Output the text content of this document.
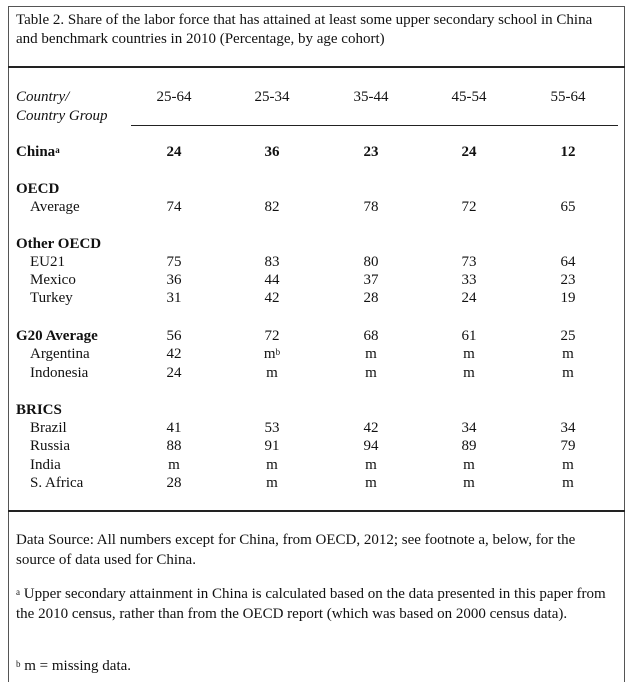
Table 2. Share of the labor force that has attained at least some upper secondary school in China and benchmark countries in 2010 (Percentage, by age cohort)
Country/
Country Group
25-64	25-34	35-44	45-54	55-64
China$^a$	24	36	23	24	12
OECD
Average	74	82	78	72	65
Other OECD
EU21	75	83	80	73	64
Mexico	36	44	37	33	23
Turkey	31	42	28	24	19
G20 Average	56	72	68	61	25
Argentina	42	$m^b$	m	m	m
Indonesia	24	m	m	m	m
BRICS
Brazil	41	53	42	34	34
Russia	88	91	94	89	79
India	m	m	m	m	m
S. Africa	28	m	m	m	m
Data Source: All numbers except for China, from OECD, 2012; see footnote a, below, for the source of data used for China.
$^a$ Upper secondary attainment in China is calculated based on the data presented in this paper from the 2010 census, rather than from the OECD report (which was based on 2000 census data).
$^b$ m = missing data.
